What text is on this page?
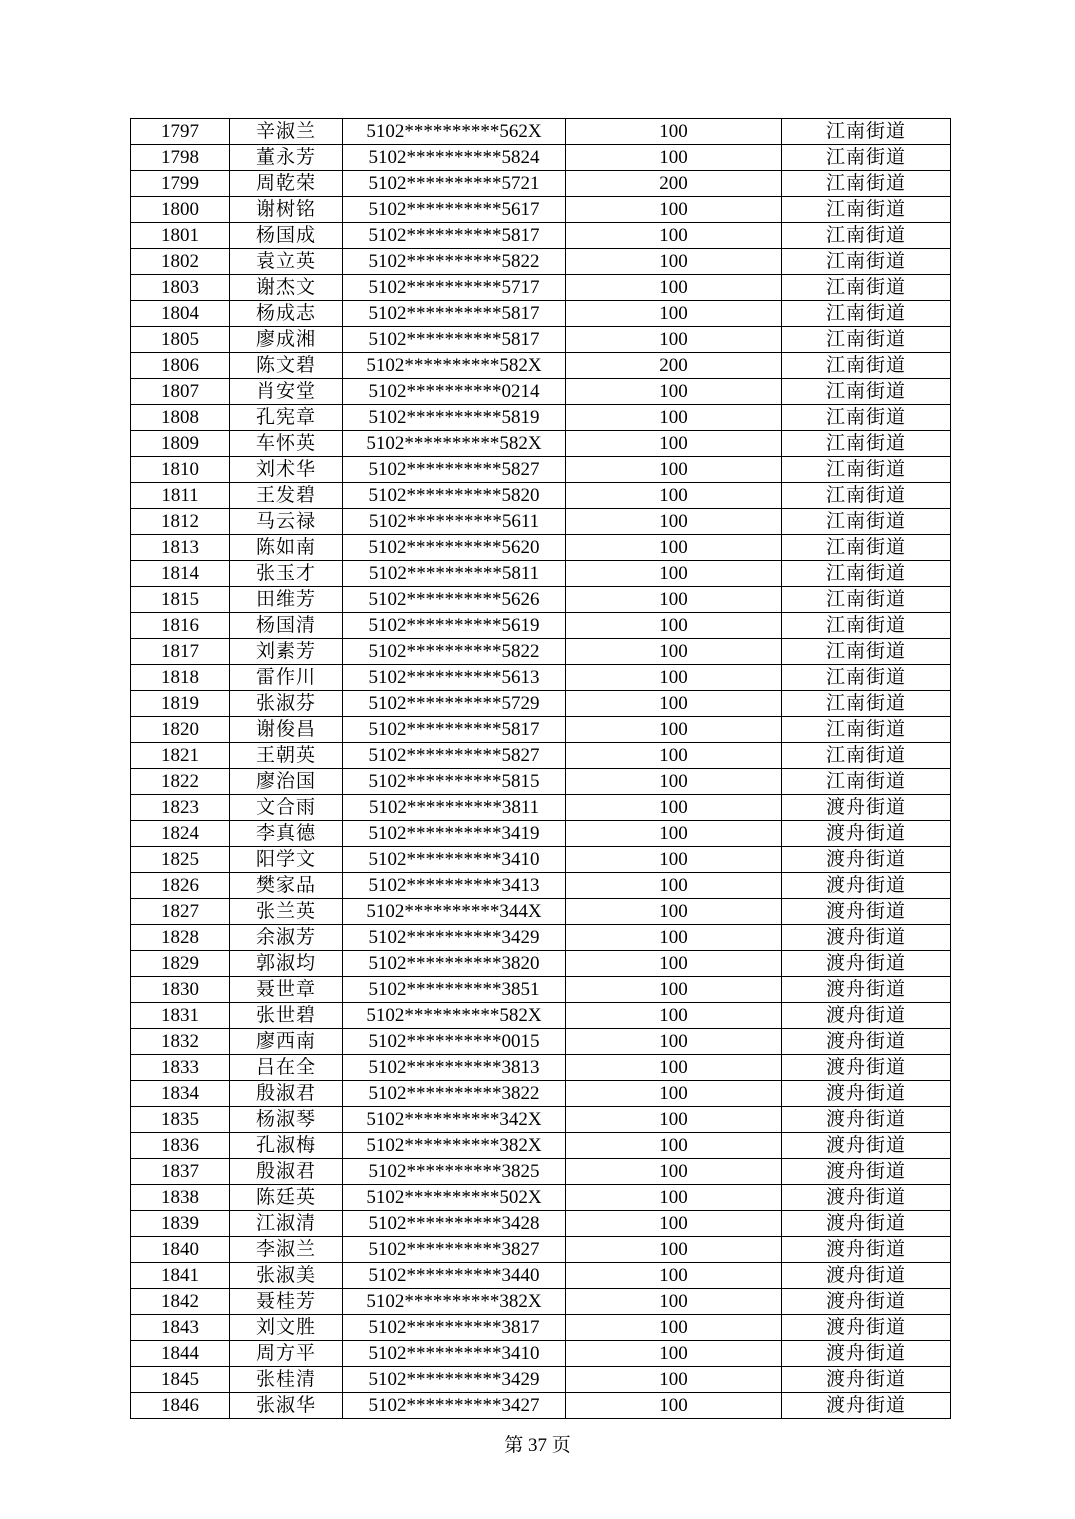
1797	辛淑兰	5102**********562X	100	江南街道
1798	董永芳	5102**********5824	100	江南街道
1799	周乾荣	5102**********5721	200	江南街道
1800	谢树铭	5102**********5617	100	江南街道
1801	杨国成	5102**********5817	100	江南街道
1802	袁立英	5102**********5822	100	江南街道
1803	谢杰文	5102**********5717	100	江南街道
1804	杨成志	5102**********5817	100	江南街道
1805	廖成湘	5102**********5817	100	江南街道
1806	陈文碧	5102**********582X	200	江南街道
1807	肖安堂	5102**********0214	100	江南街道
1808	孔宪章	5102**********5819	100	江南街道
1809	车怀英	5102**********582X	100	江南街道
1810	刘术华	5102**********5827	100	江南街道
1811	王发碧	5102**********5820	100	江南街道
1812	马云禄	5102**********5611	100	江南街道
1813	陈如南	5102**********5620	100	江南街道
1814	张玉才	5102**********5811	100	江南街道
1815	田维芳	5102**********5626	100	江南街道
1816	杨国清	5102**********5619	100	江南街道
1817	刘素芳	5102**********5822	100	江南街道
1818	雷作川	5102**********5613	100	江南街道
1819	张淑芬	5102**********5729	100	江南街道
1820	谢俊昌	5102**********5817	100	江南街道
1821	王朝英	5102**********5827	100	江南街道
1822	廖治国	5102**********5815	100	江南街道
1823	文合雨	5102**********3811	100	渡舟街道
1824	李真德	5102**********3419	100	渡舟街道
1825	阳学文	5102**********3410	100	渡舟街道
1826	樊家品	5102**********3413	100	渡舟街道
1827	张兰英	5102**********344X	100	渡舟街道
1828	余淑芳	5102**********3429	100	渡舟街道
1829	郭淑均	5102**********3820	100	渡舟街道
1830	聂世章	5102**********3851	100	渡舟街道
1831	张世碧	5102**********582X	100	渡舟街道
1832	廖西南	5102**********0015	100	渡舟街道
1833	吕在全	5102**********3813	100	渡舟街道
1834	殷淑君	5102**********3822	100	渡舟街道
1835	杨淑琴	5102**********342X	100	渡舟街道
1836	孔淑梅	5102**********382X	100	渡舟街道
1837	殷淑君	5102**********3825	100	渡舟街道
1838	陈廷英	5102**********502X	100	渡舟街道
1839	江淑清	5102**********3428	100	渡舟街道
1840	李淑兰	5102**********3827	100	渡舟街道
1841	张淑美	5102**********3440	100	渡舟街道
1842	聂桂芳	5102**********382X	100	渡舟街道
1843	刘文胜	5102**********3817	100	渡舟街道
1844	周方平	5102**********3410	100	渡舟街道
1845	张桂清	5102**********3429	100	渡舟街道
1846	张淑华	5102**********3427	100	渡舟街道
第 37 页
